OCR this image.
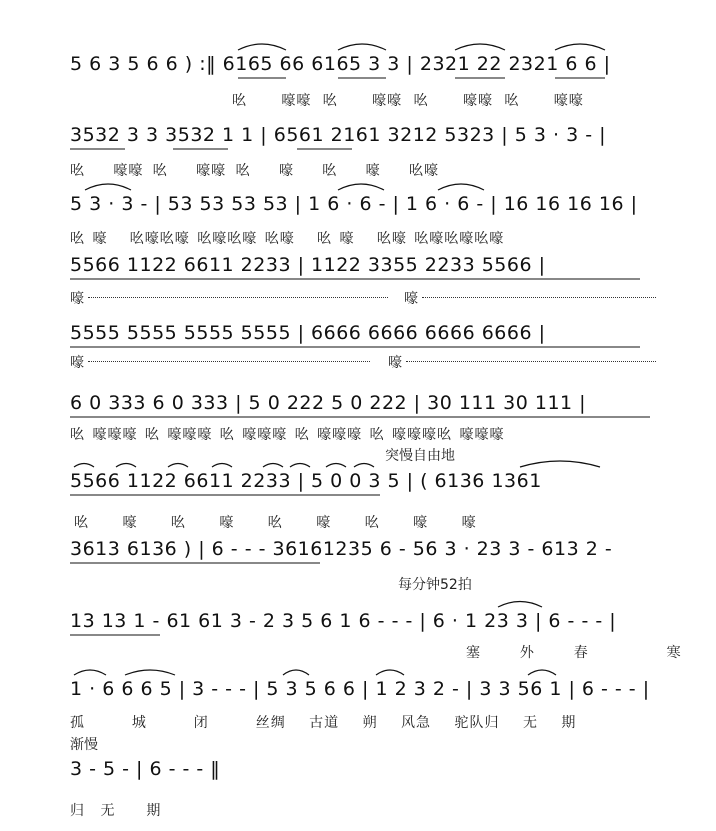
5 6 3 5 6 6 ) :‖ 6165 66 6165 3 3 | 2321 22 2321 6 6 |
吆   嚎嚎 吆   嚎嚎 吆   嚎嚎 吆   嚎嚎
3532 3 3 3532 1 1 | 6561 2161 3212 5323 | 5 3 · 3 - |
吆   嚎嚎 吆   嚎嚎 吆   嚎   吆   嚎   吆嚎
5 3 · 3 - | 53 53 53 53 | 1 6 · 6 - | 1 6 · 6 - | 16 16 16 16 |
吆 嚎   吆嚎吆嚎 吆嚎吆嚎 吆嚎   吆 嚎   吆嚎 吆嚎吆嚎吆嚎
5566 1122 6611 2233 | 1122 3355 2233 5566 |
嚎	嚎
5555 5555 5555 5555 | 6666 6666 6666 6666 |
嚎	嚎
6 0 333 6 0 333 | 5 0 222 5 0 222 | 30 111 30 111 |
吆 嚎嚎嚎 吆 嚎嚎嚎 吆 嚎嚎嚎 吆 嚎嚎嚎 吆 嚎嚎嚎吆 嚎嚎嚎
突慢自由地
5566 1122 6611 2233 | 5 0 0 3 5 | ( 6136 1361
吆 嚎 吆 嚎 吆 嚎 吆 嚎 嚎
3613 6136 ) | 6 - - - 36161235 6 - 56 3 · 23 3 - 613 2 -
每分钟52拍
13 13 1 - 61 61 3 - 2 3 5 6 1 6 - - - | 6 · 1 23 3 | 6 - - - |
塞  外  春    寒
1 · 6 6 6 5 | 3 - - - | 5 3 5 6 6 | 1 2 3 2 - | 3 3 56 1 | 6 - - - |
孤  城  闭  丝绸 古道 朔 风急 驼队归 无 期
渐慢
3 - 5 - | 6 - - - ‖
归 无  期
